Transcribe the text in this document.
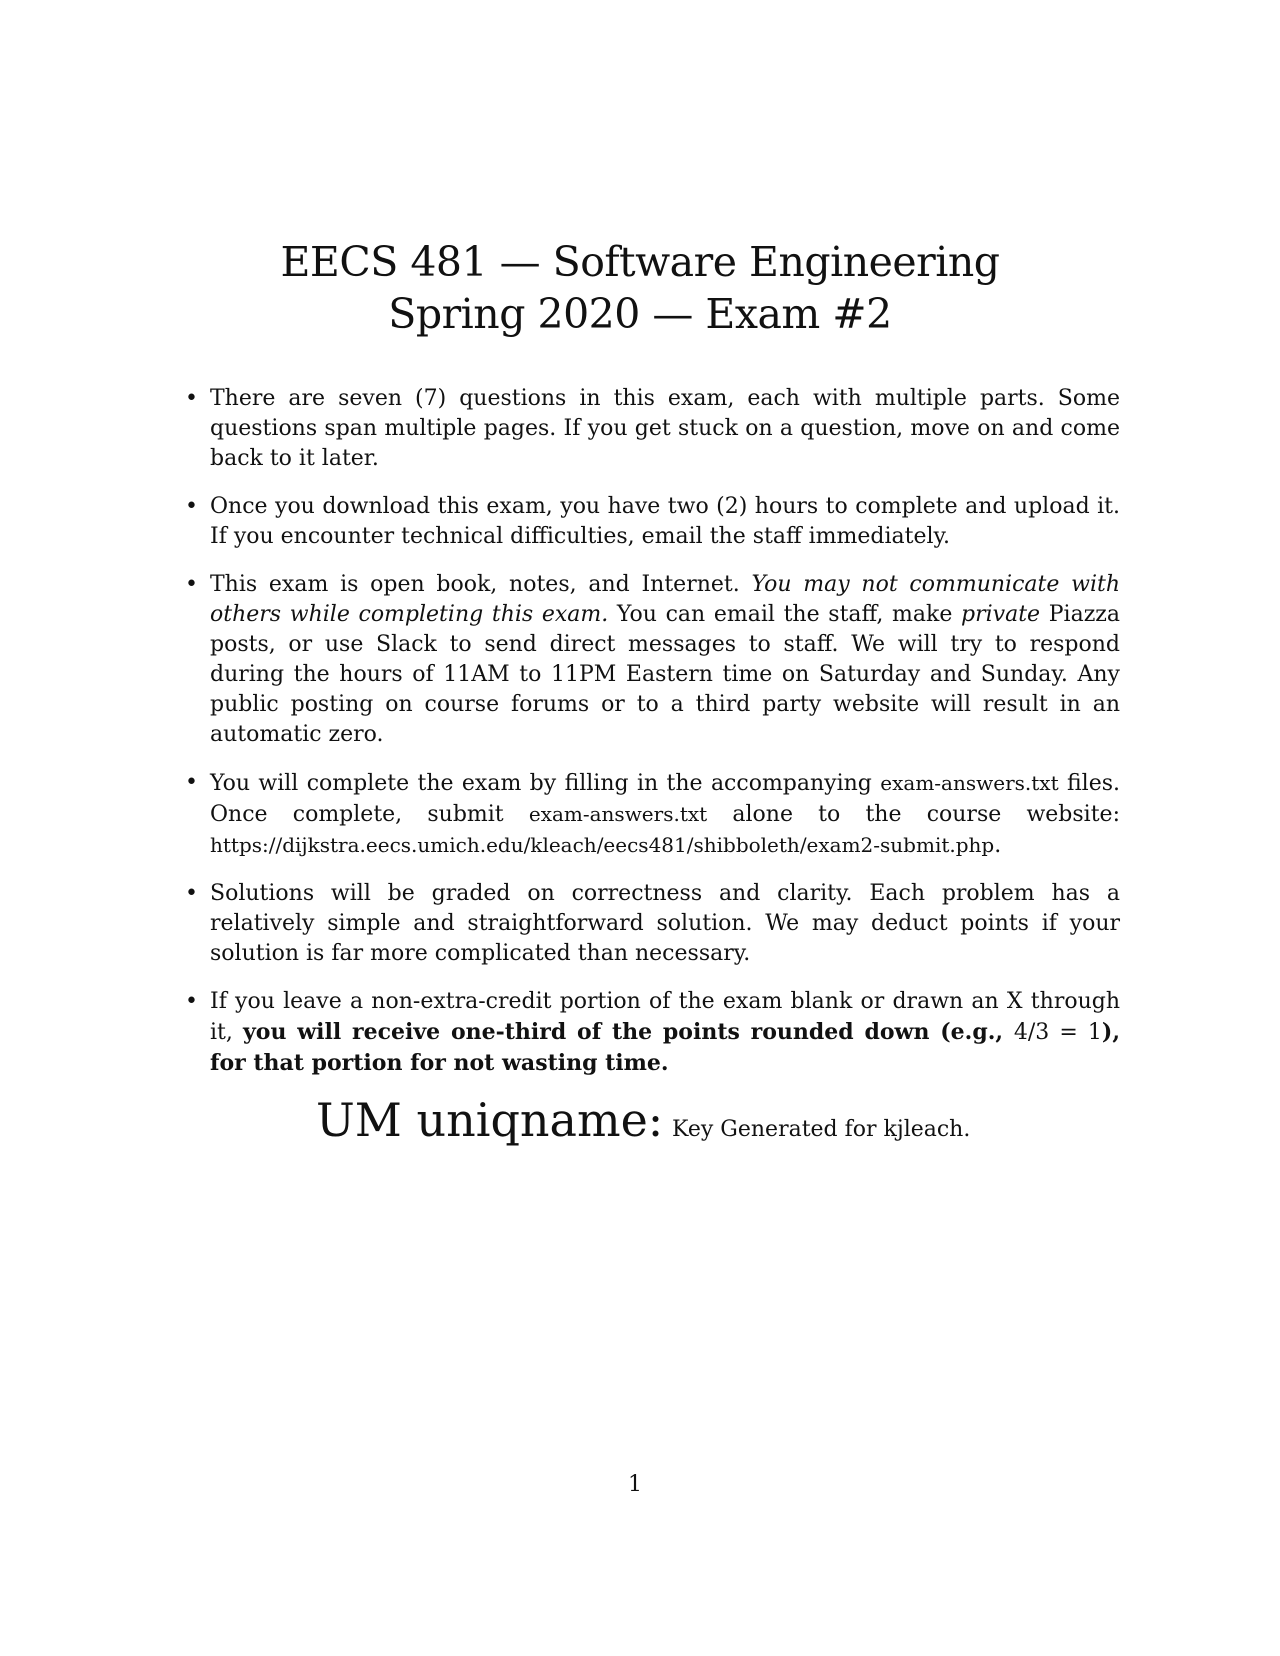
EECS 481 — Software Engineering
Spring 2020 — Exam #2
• There are seven (7) questions in this exam, each with multiple parts. Some questions span multiple pages. If you get stuck on a question, move on and come back to it later.
• Once you download this exam, you have two (2) hours to complete and upload it. If you encounter technical difficulties, email the staff immediately.
• This exam is open book, notes, and Internet. You may not communicate with others while completing this exam. You can email the staff, make private Piazza posts, or use Slack to send direct messages to staff. We will try to respond during the hours of 11AM to 11PM Eastern time on Saturday and Sunday. Any public posting on course forums or to a third party website will result in an automatic zero.
• You will complete the exam by filling in the accompanying exam-answers.txt files. Once complete, submit exam-answers.txt alone to the course website: https://dijkstra.eecs.umich.edu/kleach/eecs481/shibboleth/exam2-submit.php.
• Solutions will be graded on correctness and clarity. Each problem has a relatively simple and straightforward solution. We may deduct points if your solution is far more complicated than necessary.
• If you leave a non-extra-credit portion of the exam blank or drawn an X through it, you will receive one-third of the points rounded down (e.g., 4/3 = 1), for that portion for not wasting time.
UM uniqname: Key Generated for kjleach.
1
